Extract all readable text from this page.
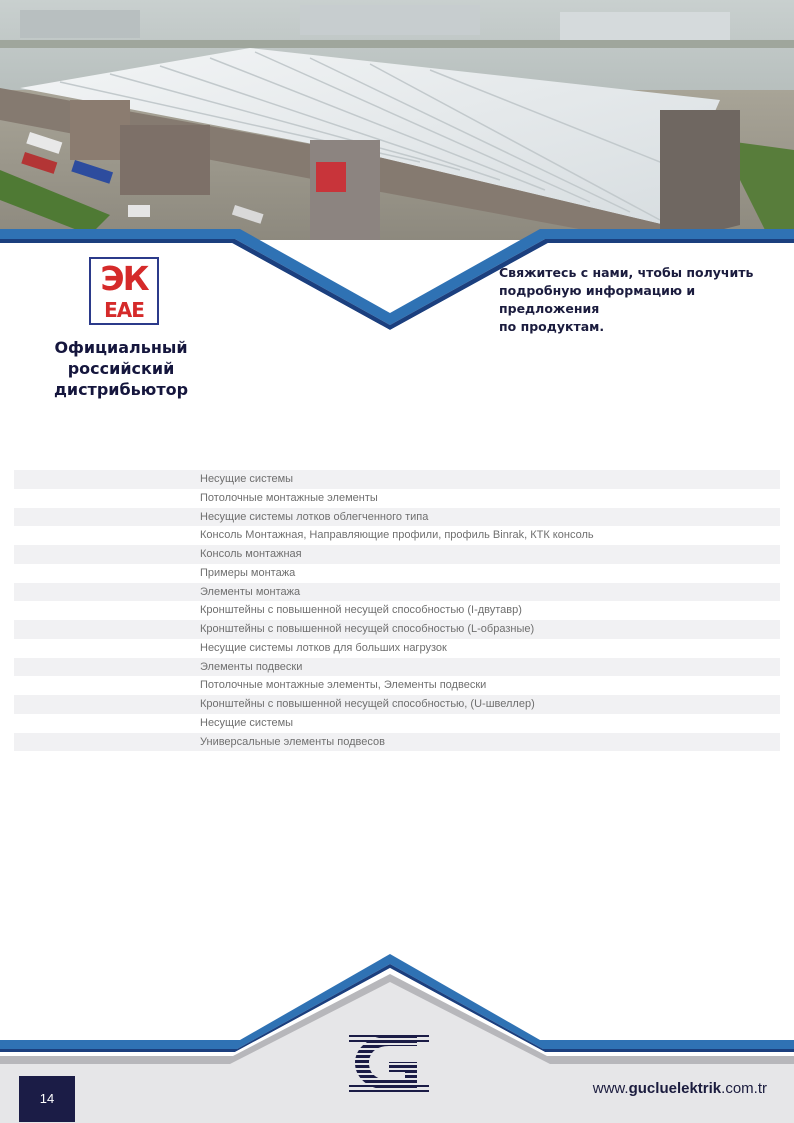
ЭК
EAE
Официальный
российский
дистрибьютор
Свяжитесь с нами, чтобы получить
подробную информацию и предложения
по продуктам.
Несущие системы
Потолочные монтажные элементы
Несущие системы лотков облегченного типа
Консоль Монтажная, Направляющие профили, профиль Binrak, КТК консоль
Консоль монтажная
Примеры монтажа
Элементы монтажа
Кронштейны с повышенной несущей способностью (I-двутавр)
Кронштейны с повышенной несущей способностью (L-образные)
Несущие системы лотков для больших нагрузок
Элементы подвески
Потолочные монтажные элементы, Элементы подвески
Кронштейны с повышенной несущей способностью, (U-швеллер)
Несущие системы
Универсальные элементы подвесов
14
www.guclu​elektrik.com.tr
